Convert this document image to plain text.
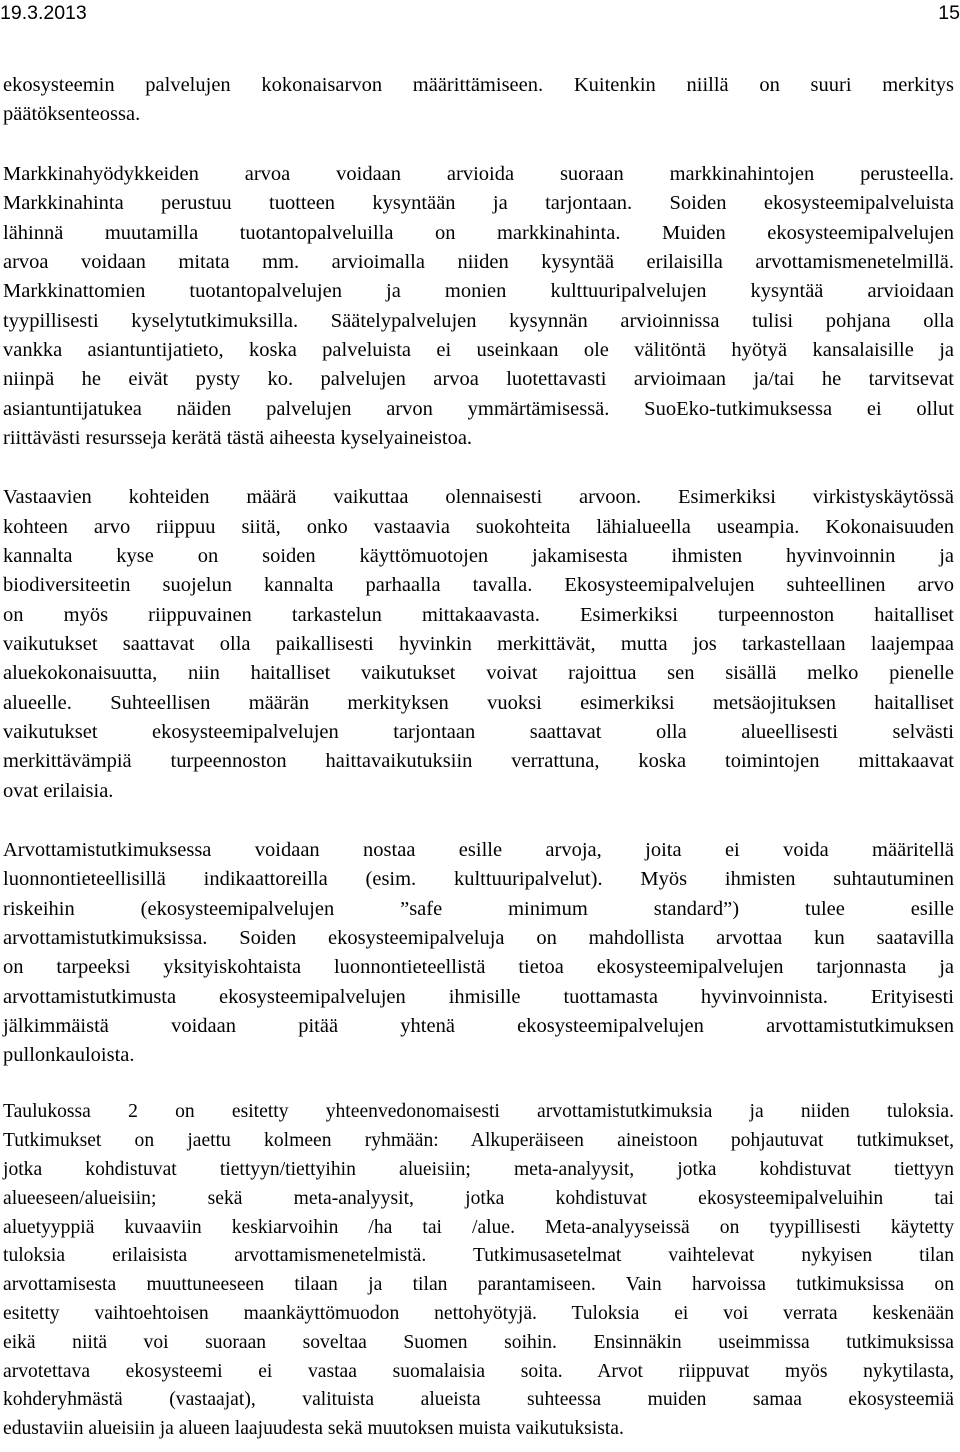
19.3.2013	15

ekosysteemin palvelujen kokonaisarvon määrittämiseen. Kuitenkin niillä on suuri merkitys
päätöksenteossa.

Markkinahyödykkeiden arvoa voidaan arvioida suoraan markkinahintojen perusteella.
Markkinahinta perustuu tuotteen kysyntään ja tarjontaan. Soiden ekosysteemipalveluista
lähinnä muutamilla tuotantopalveluilla on markkinahinta. Muiden ekosysteemipalvelujen
arvoa voidaan mitata mm. arvioimalla niiden kysyntää erilaisilla arvottamismenetelmillä.
Markkinattomien tuotantopalvelujen ja monien kulttuuripalvelujen kysyntää arvioidaan
tyypillisesti kyselytutkimuksilla. Säätelypalvelujen kysynnän arvioinnissa tulisi pohjana olla
vankka asiantuntijatieto, koska palveluista ei useinkaan ole välitöntä hyötyä kansalaisille ja
niinpä he eivät pysty ko. palvelujen arvoa luotettavasti arvioimaan ja/tai he tarvitsevat
asiantuntijatukea näiden palvelujen arvon ymmärtämisessä. SuoEko-tutkimuksessa ei ollut
riittävästi resursseja kerätä tästä aiheesta kyselyaineistoa.

Vastaavien kohteiden määrä vaikuttaa olennaisesti arvoon. Esimerkiksi virkistyskäytössä
kohteen arvo riippuu siitä, onko vastaavia suokohteita lähialueella useampia. Kokonaisuuden
kannalta kyse on soiden käyttömuotojen jakamisesta ihmisten hyvinvoinnin ja
biodiversiteetin suojelun kannalta parhaalla tavalla. Ekosysteemipalvelujen suhteellinen arvo
on myös riippuvainen tarkastelun mittakaavasta. Esimerkiksi turpeennoston haitalliset
vaikutukset saattavat olla paikallisesti hyvinkin merkittävät, mutta jos tarkastellaan laajempaa
aluekokonaisuutta, niin haitalliset vaikutukset voivat rajoittua sen sisällä melko pienelle
alueelle. Suhteellisen määrän merkityksen vuoksi esimerkiksi metsäojituksen haitalliset
vaikutukset ekosysteemipalvelujen tarjontaan saattavat olla alueellisesti selvästi
merkittävämpiä turpeennoston haittavaikutuksiin verrattuna, koska toimintojen mittakaavat
ovat erilaisia.

Arvottamistutkimuksessa voidaan nostaa esille arvoja, joita ei voida määritellä
luonnontieteellisillä indikaattoreilla (esim. kulttuuripalvelut). Myös ihmisten suhtautuminen
riskeihin (ekosysteemipalvelujen ”safe minimum standard”) tulee esille
arvottamistutkimuksissa. Soiden ekosysteemipalveluja on mahdollista arvottaa kun saatavilla
on tarpeeksi yksityiskohtaista luonnontieteellistä tietoa ekosysteemipalvelujen tarjonnasta ja
arvottamistutkimusta ekosysteemipalvelujen ihmisille tuottamasta hyvinvoinnista. Erityisesti
jälkimmäistä voidaan pitää yhtenä ekosysteemipalvelujen arvottamistutkimuksen
pullonkauloista.

Taulukossa 2 on esitetty yhteenvedonomaisesti arvottamistutkimuksia ja niiden tuloksia.
Tutkimukset on jaettu kolmeen ryhmään: Alkuperäiseen aineistoon pohjautuvat tutkimukset,
jotka kohdistuvat tiettyyn/tiettyihin alueisiin; meta-analyysit, jotka kohdistuvat tiettyyn
alueeseen/alueisiin; sekä meta-analyysit, jotka kohdistuvat ekosysteemipalveluihin tai
aluetyyppiä kuvaaviin keskiarvoihin /ha tai /alue. Meta-analyyseissä on tyypillisesti käytetty
tuloksia erilaisista arvottamismenetelmistä. Tutkimusasetelmat vaihtelevat nykyisen tilan
arvottamisesta muuttuneeseen tilaan ja tilan parantamiseen. Vain harvoissa tutkimuksissa on
esitetty vaihtoehtoisen maankäyttömuodon nettohyötyjä. Tuloksia ei voi verrata keskenään
eikä niitä voi suoraan soveltaa Suomen soihin. Ensinnäkin useimmissa tutkimuksissa
arvotettava ekosysteemi ei vastaa suomalaisia soita. Arvot riippuvat myös nykytilasta,
kohderyhmästä (vastaajat), valituista alueista suhteessa muiden samaa ekosysteemiä
edustaviin alueisiin ja alueen laajuudesta sekä muutoksen muista vaikutuksista.
